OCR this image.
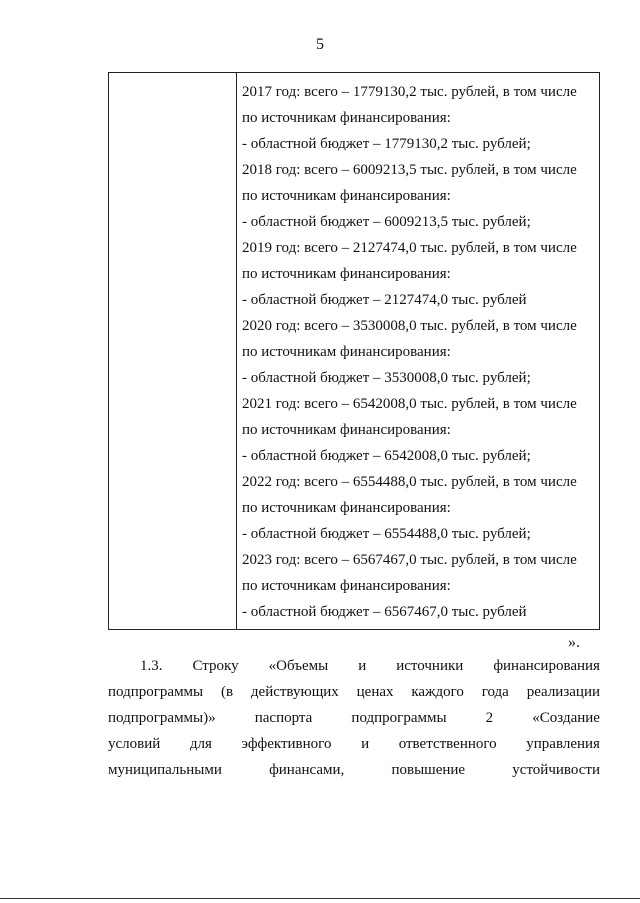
5
2017 год: всего – 1779130,2 тыс. рублей, в том числе
по источникам финансирования:
- областной бюджет – 1779130,2 тыс. рублей;
2018 год: всего – 6009213,5 тыс. рублей, в том числе
по источникам финансирования:
- областной бюджет – 6009213,5 тыс. рублей;
2019 год: всего – 2127474,0 тыс. рублей, в том числе
по источникам финансирования:
- областной бюджет – 2127474,0 тыс. рублей
2020 год: всего – 3530008,0 тыс. рублей, в том числе
по источникам финансирования:
- областной бюджет – 3530008,0 тыс. рублей;
2021 год: всего – 6542008,0 тыс. рублей, в том числе
по источникам финансирования:
- областной бюджет – 6542008,0 тыс. рублей;
2022 год: всего – 6554488,0 тыс. рублей, в том числе
по источникам финансирования:
- областной бюджет – 6554488,0 тыс. рублей;
2023 год: всего – 6567467,0 тыс. рублей, в том числе
по источникам финансирования:
- областной бюджет – 6567467,0 тыс. рублей
».
1.3. Строку «Объемы и источники финансирования
подпрограммы (в действующих ценах каждого года реализации
подпрограммы)»	паспорта	подпрограммы	2	«Создание
условий для эффективного и ответственного управления
муниципальными	финансами,	повышение	устойчивости
